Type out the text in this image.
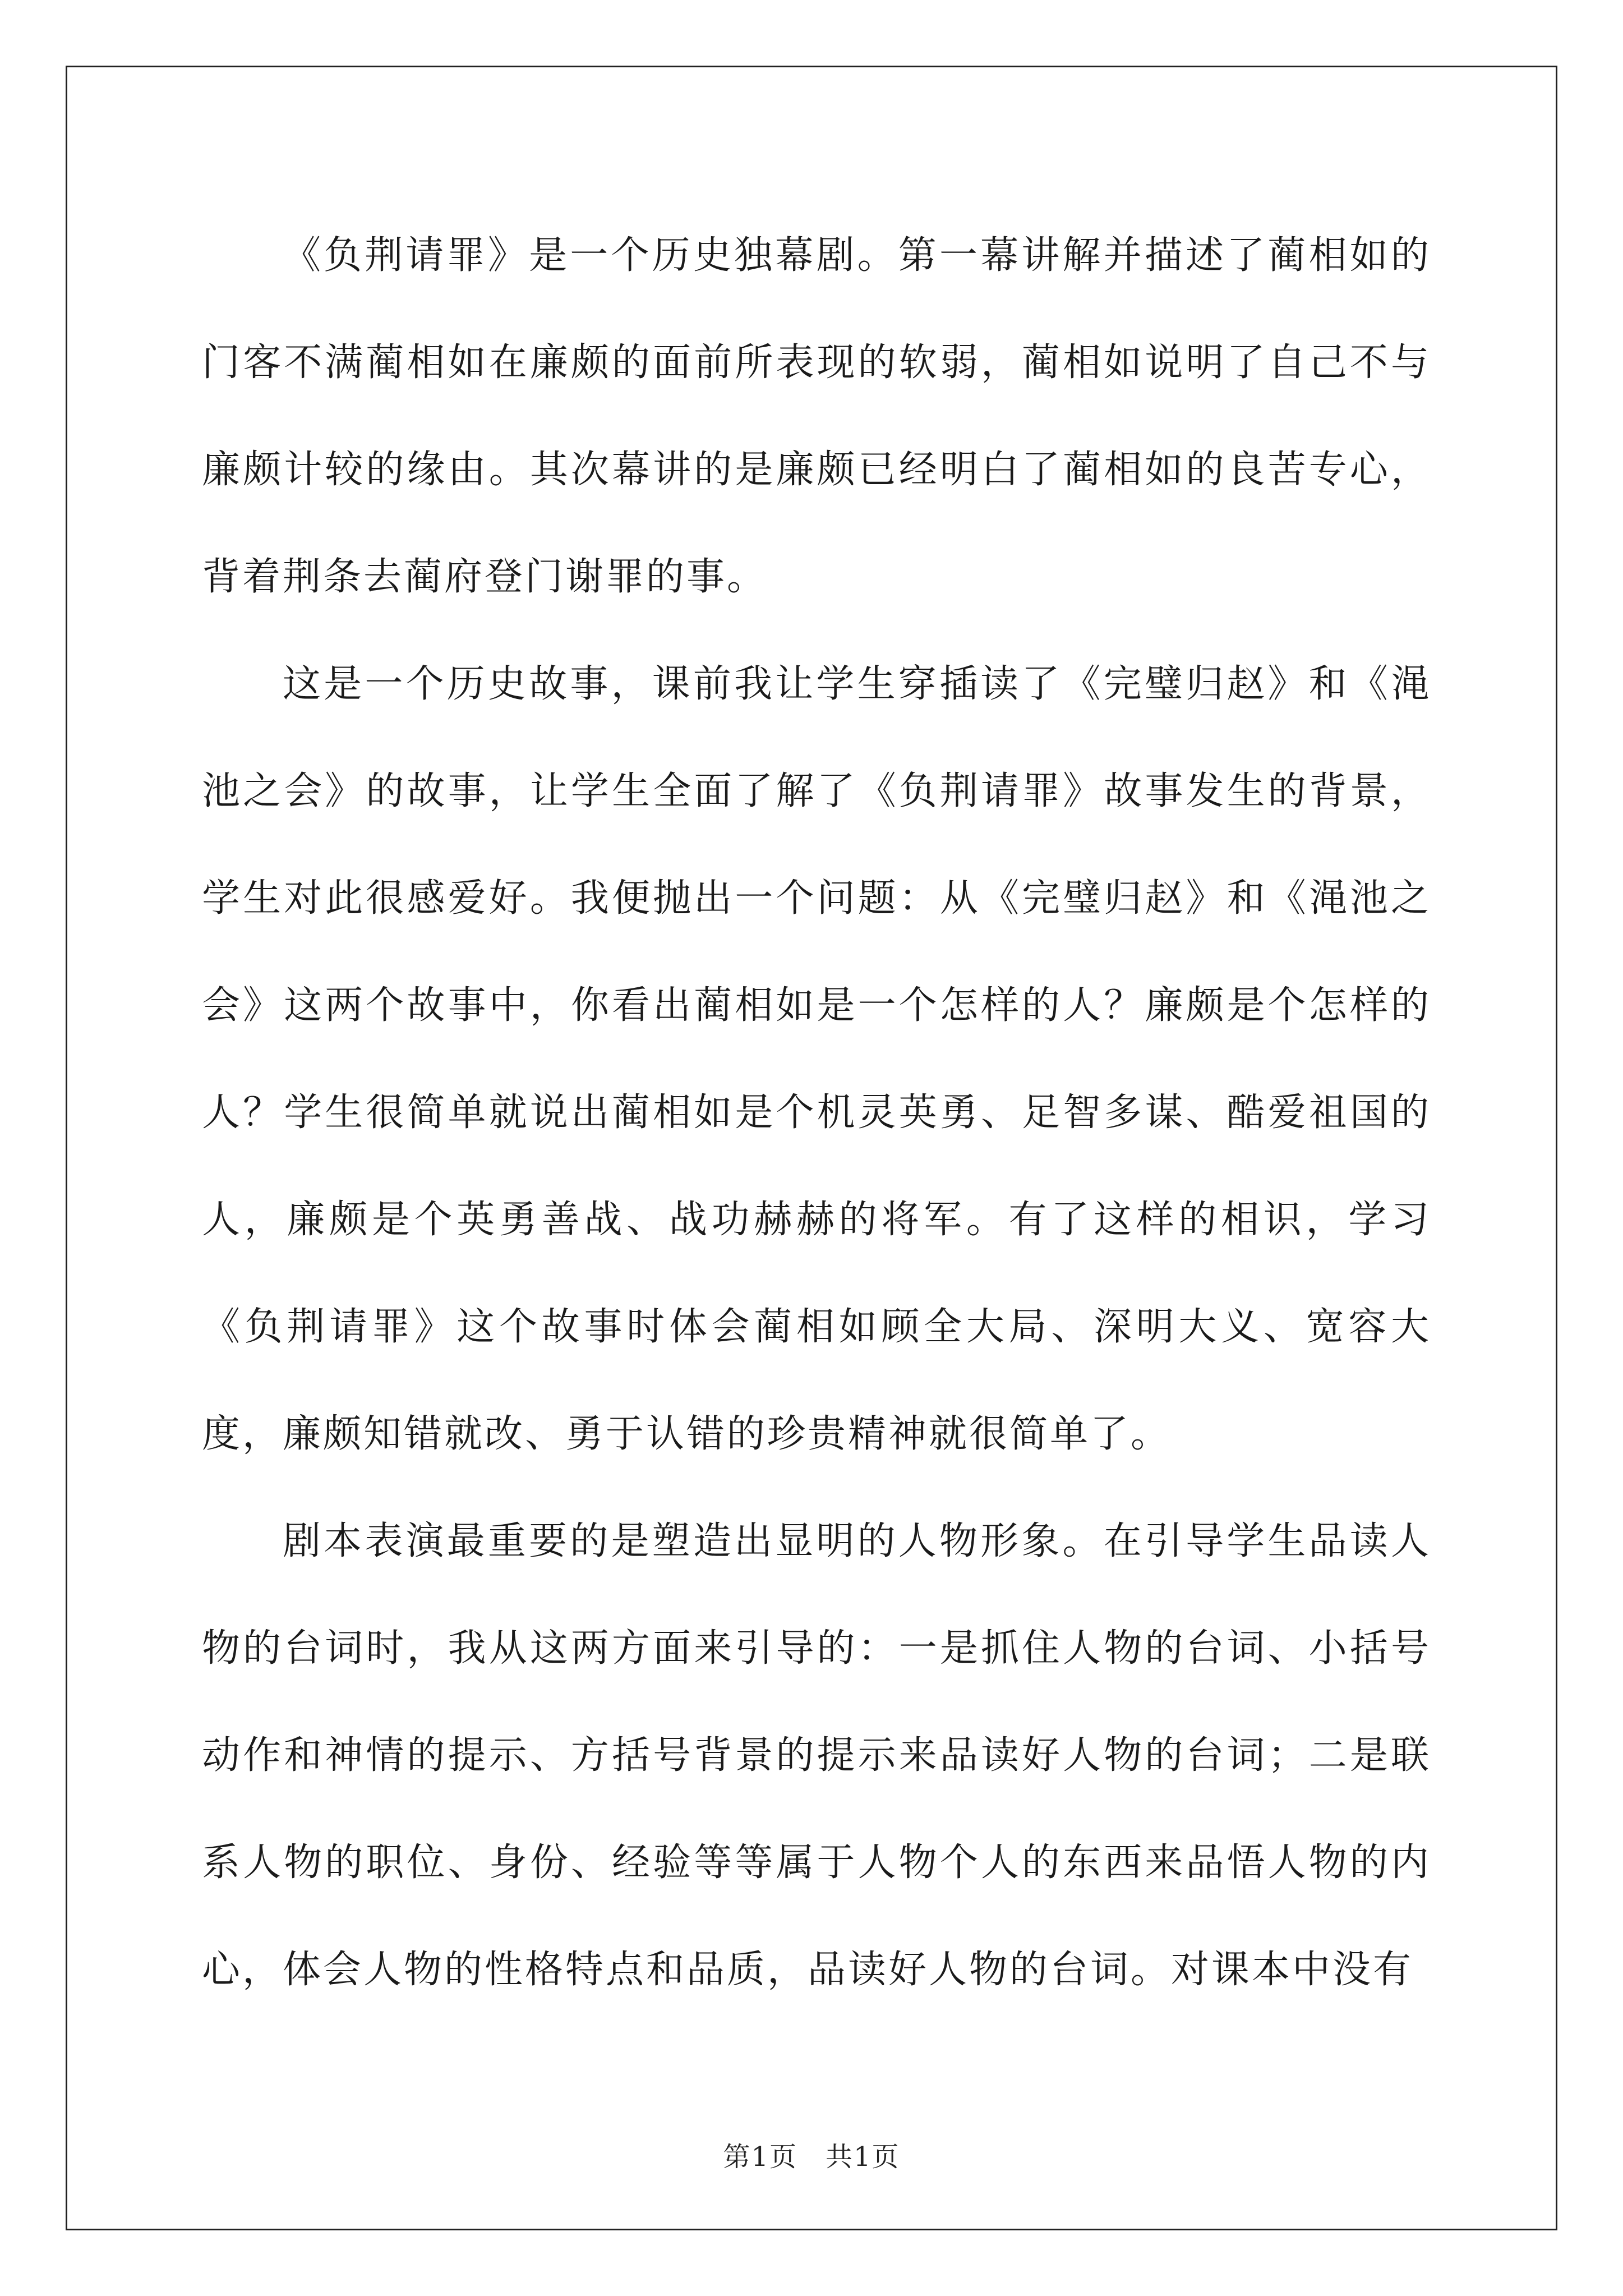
《负荆请罪》是一个历史独幕剧。第一幕讲解并描述了蔺相如的门客不满蔺相如在廉颇的面前所表现的软弱，蔺相如说明了自己不与廉颇计较的缘由。其次幕讲的是廉颇已经明白了蔺相如的良苦专心，背着荆条去蔺府登门谢罪的事。

这是一个历史故事，课前我让学生穿插读了《完璧归赵》和《渑池之会》的故事，让学生全面了解了《负荆请罪》故事发生的背景，学生对此很感爱好。我便抛出一个问题：从《完璧归赵》和《渑池之会》这两个故事中，你看出蔺相如是一个怎样的人？廉颇是个怎样的人？学生很简单就说出蔺相如是个机灵英勇、足智多谋、酷爱祖国的人，廉颇是个英勇善战、战功赫赫的将军。有了这样的相识，学习《负荆请罪》这个故事时体会蔺相如顾全大局、深明大义、宽容大度，廉颇知错就改、勇于认错的珍贵精神就很简单了。

剧本表演最重要的是塑造出显明的人物形象。在引导学生品读人物的台词时，我从这两方面来引导的：一是抓住人物的台词、小括号动作和神情的提示、方括号背景的提示来品读好人物的台词；二是联系人物的职位、身份、经验等等属于人物个人的东西来品悟人物的内心，体会人物的性格特点和品质，品读好人物的台词。对课本中没有

第1页　共1页
